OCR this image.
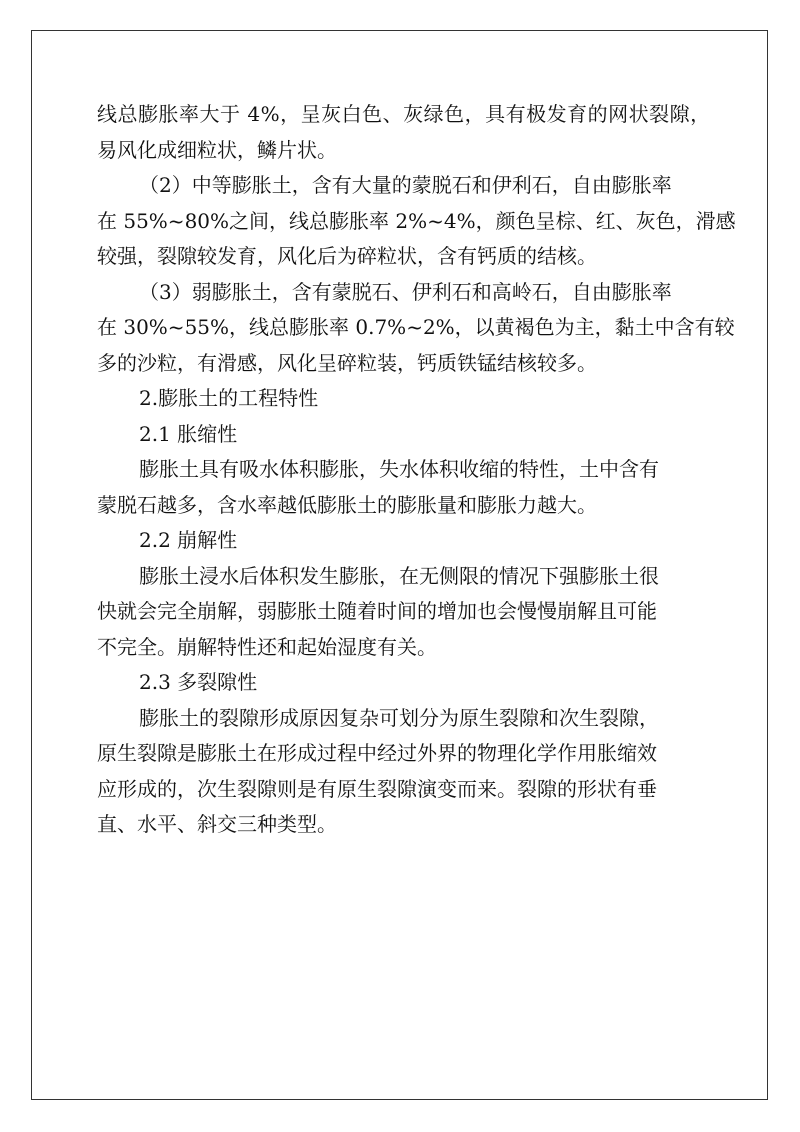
线总膨胀率大于 4%，呈灰白色、灰绿色，具有极发育的网状裂隙，
易风化成细粒状，鳞片状。
（2）中等膨胀土，含有大量的蒙脱石和伊利石，自由膨胀率
在 55%~80%之间，线总膨胀率 2%~4%，颜色呈棕、红、灰色，滑感
较强，裂隙较发育，风化后为碎粒状，含有钙质的结核。
（3）弱膨胀土，含有蒙脱石、伊利石和高岭石，自由膨胀率
在 30%~55%，线总膨胀率 0.7%~2%，以黄褐色为主，黏土中含有较
多的沙粒，有滑感，风化呈碎粒装，钙质铁锰结核较多。
2.膨胀土的工程特性
2.1 胀缩性
膨胀土具有吸水体积膨胀，失水体积收缩的特性，土中含有
蒙脱石越多，含水率越低膨胀土的膨胀量和膨胀力越大。
2.2 崩解性
膨胀土浸水后体积发生膨胀，在无侧限的情况下强膨胀土很
快就会完全崩解，弱膨胀土随着时间的增加也会慢慢崩解且可能
不完全。崩解特性还和起始湿度有关。
2.3 多裂隙性
膨胀土的裂隙形成原因复杂可划分为原生裂隙和次生裂隙，
原生裂隙是膨胀土在形成过程中经过外界的物理化学作用胀缩效
应形成的，次生裂隙则是有原生裂隙演变而来。裂隙的形状有垂
直、水平、斜交三种类型。
